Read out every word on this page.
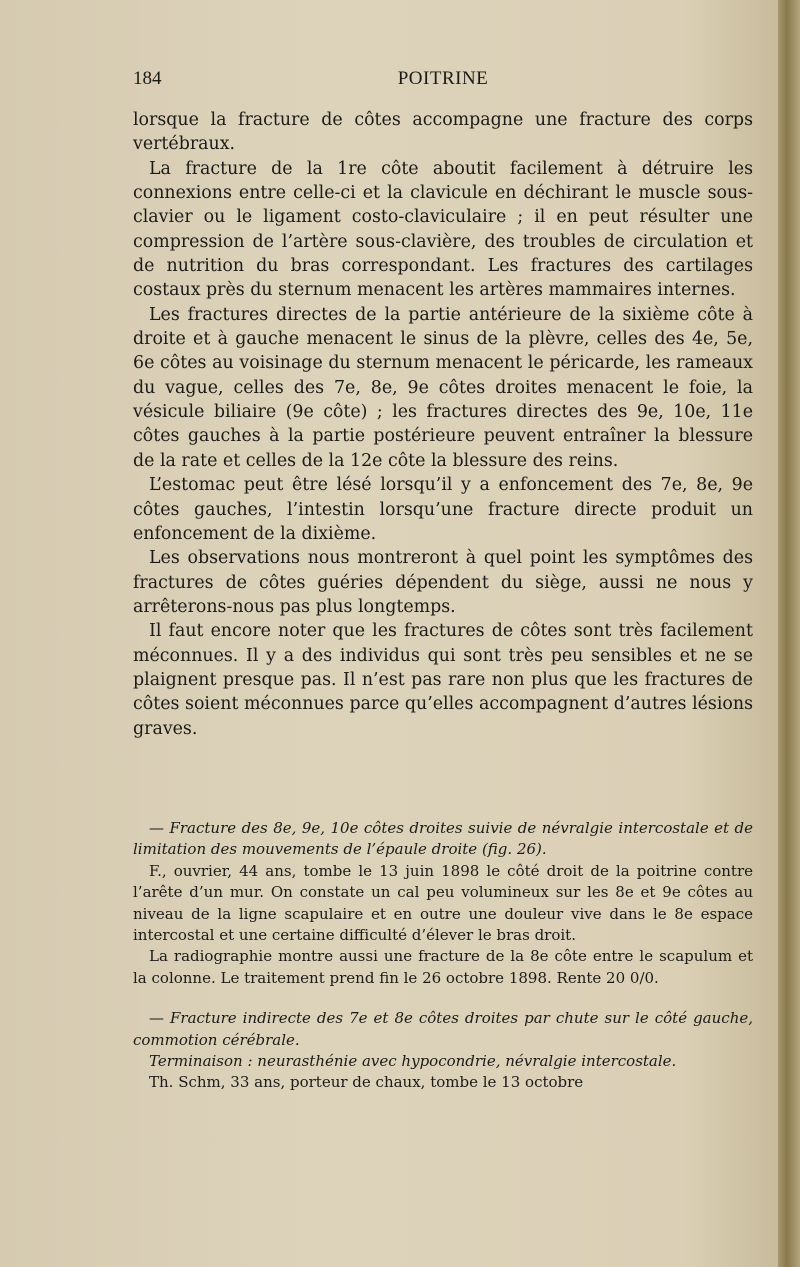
184	POITRINE

lorsque la fracture de côtes accompagne une fracture des corps vertébraux.

La fracture de la 1re côte aboutit facilement à détruire les connexions entre celle-ci et la clavicule en déchirant le muscle sous-clavier ou le ligament costo-claviculaire ; il en peut résulter une compression de l’artère sous-clavière, des troubles de circulation et de nutrition du bras correspondant. Les fractures des cartilages costaux près du sternum menacent les artères mammaires internes.

Les fractures directes de la partie antérieure de la sixième côte à droite et à gauche menacent le sinus de la plèvre, celles des 4e, 5e, 6e côtes au voisinage du sternum menacent le péricarde, les rameaux du vague, celles des 7e, 8e, 9e côtes droites menacent le foie, la vésicule biliaire (9e côte) ; les fractures directes des 9e, 10e, 11e côtes gauches à la partie postérieure peuvent entraîner la blessure de la rate et celles de la 12e côte la blessure des reins.

L’estomac peut être lésé lorsqu’il y a enfoncement des 7e, 8e, 9e côtes gauches, l’intestin lorsqu’une fracture directe produit un enfoncement de la dixième.

Les observations nous montreront à quel point les symptômes des fractures de côtes guéries dépendent du siège, aussi ne nous y arrêterons-nous pas plus longtemps.

Il faut encore noter que les fractures de côtes sont très facilement méconnues. Il y a des individus qui sont très peu sensibles et ne se plaignent presque pas. Il n’est pas rare non plus que les fractures de côtes soient méconnues parce qu’elles accompagnent d’autres lésions graves.

— Fracture des 8e, 9e, 10e côtes droites suivie de névralgie intercostale et de limitation des mouvements de l’épaule droite (fig. 26).

F., ouvrier, 44 ans, tombe le 13 juin 1898 le côté droit de la poitrine contre l’arête d’un mur. On constate un cal peu volumineux sur les 8e et 9e côtes au niveau de la ligne scapulaire et en outre une douleur vive dans le 8e espace intercostal et une certaine difficulté d’élever le bras droit.

La radiographie montre aussi une fracture de la 8e côte entre le scapulum et la colonne. Le traitement prend fin le 26 octobre 1898. Rente 20 0/0.

— Fracture indirecte des 7e et 8e côtes droites par chute sur le côté gauche, commotion cérébrale.

Terminaison : neurasthénie avec hypocondrie, névralgie intercostale.

Th. Schm, 33 ans, porteur de chaux, tombe le 13 octobre
